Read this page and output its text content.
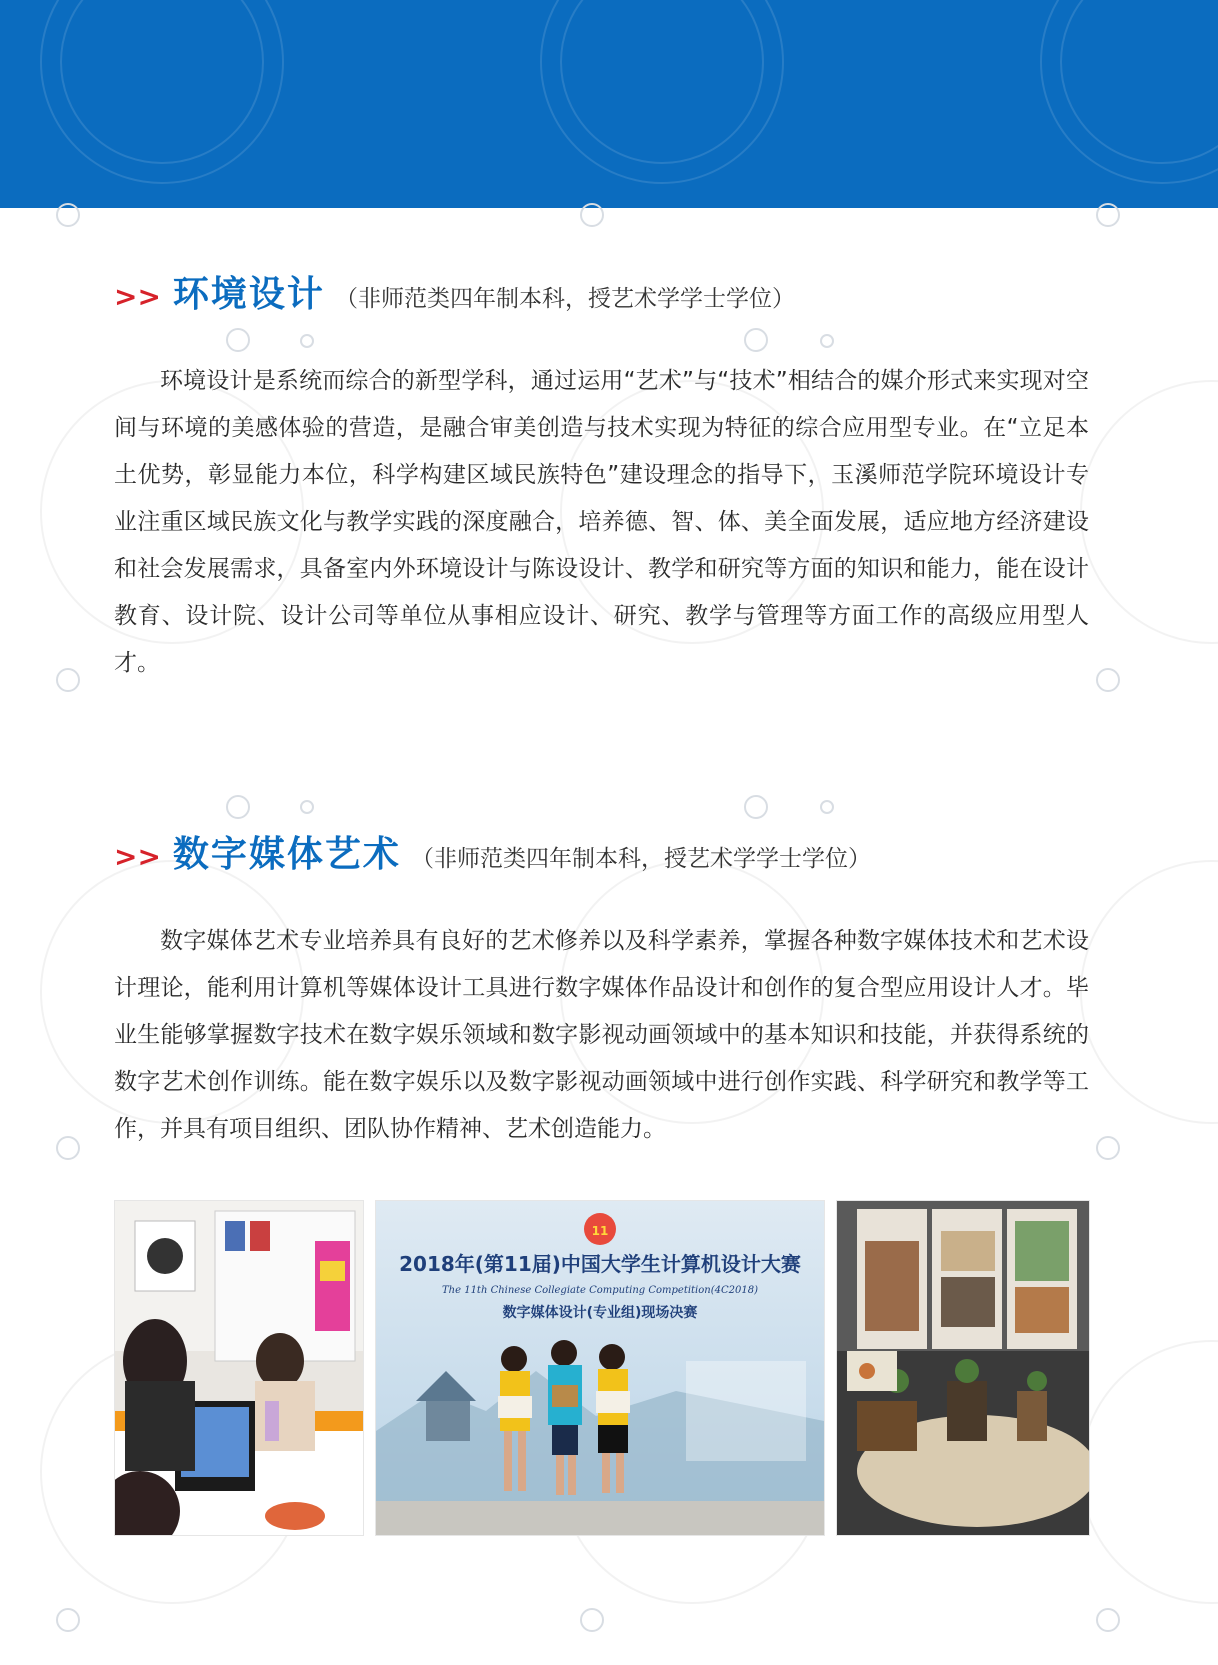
>> 环境设计 （非师范类四年制本科，授艺术学学士学位）
环境设计是系统而综合的新型学科，通过运用“艺术”与“技术”相结合的媒介形式来实现对空间与环境的美感体验的营造，是融合审美创造与技术实现为特征的综合应用型专业。在“立足本土优势，彰显能力本位，科学构建区域民族特色”建设理念的指导下，玉溪师范学院环境设计专业注重区域民族文化与教学实践的深度融合，培养德、智、体、美全面发展，适应地方经济建设和社会发展需求，具备室内外环境设计与陈设设计、教学和研究等方面的知识和能力，能在设计教育、设计院、设计公司等单位从事相应设计、研究、教学与管理等方面工作的高级应用型人才。
>> 数字媒体艺术 （非师范类四年制本科，授艺术学学士学位）
数字媒体艺术专业培养具有良好的艺术修养以及科学素养，掌握各种数字媒体技术和艺术设计理论，能利用计算机等媒体设计工具进行数字媒体作品设计和创作的复合型应用设计人才。毕业生能够掌握数字技术在数字娱乐领域和数字影视动画领域中的基本知识和技能，并获得系统的数字艺术创作训练。能在数字娱乐以及数字影视动画领域中进行创作实践、科学研究和教学等工作，并具有项目组织、团队协作精神、艺术创造能力。
11
2018年(第11届)中国大学生计算机设计大赛
The 11th Chinese Collegiate Computing Competition(4C2018)
数字媒体设计(专业组)现场决赛
